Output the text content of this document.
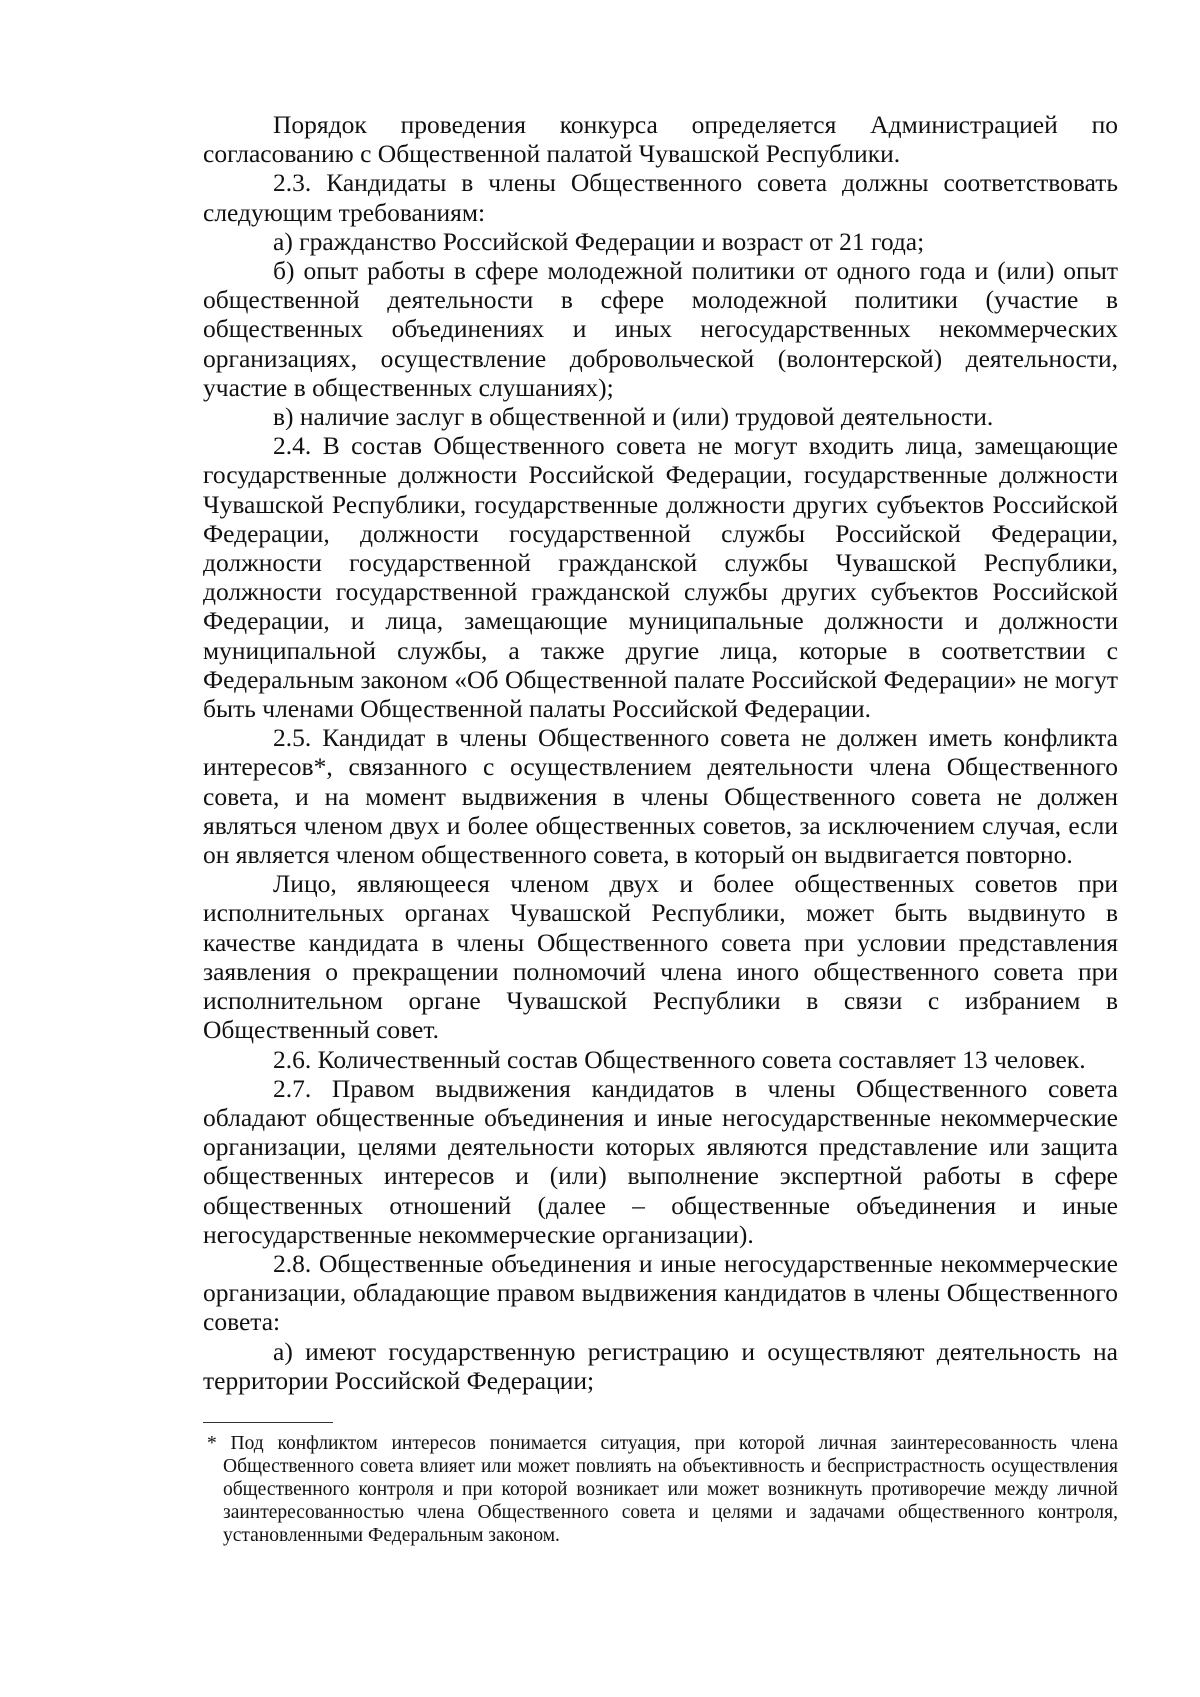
Порядок проведения конкурса определяется Администрацией по согласованию с Общественной палатой Чувашской Республики.

2.3. Кандидаты в члены Общественного совета должны соответствовать следующим требованиям:

а) гражданство Российской Федерации и возраст от 21 года;

б) опыт работы в сфере молодежной политики от одного года и (или) опыт общественной деятельности в сфере молодежной политики (участие в общественных объединениях и иных негосударственных некоммерческих организациях, осуществление добровольческой (волонтерской) деятельности, участие в общественных слушаниях);

в) наличие заслуг в общественной и (или) трудовой деятельности.

2.4. В состав Общественного совета не могут входить лица, замещающие государственные должности Российской Федерации, государственные должности Чувашской Республики, государственные должности других субъектов Российской Федерации, должности государственной службы Российской Федерации, должности государственной гражданской службы Чувашской Республики, должности государственной гражданской службы других субъектов Российской Федерации, и лица, замещающие муниципальные должности и должности муниципальной службы, а также другие лица, которые в соответствии с Федеральным законом «Об Общественной палате Российской Федерации» не могут быть членами Общественной палаты Российской Федерации.

2.5. Кандидат в члены Общественного совета не должен иметь конфликта интересов*, связанного с осуществлением деятельности члена Общественного совета, и на момент выдвижения в члены Общественного совета не должен являться членом двух и более общественных советов, за исключением случая, если он является членом общественного совета, в который он выдвигается повторно.

Лицо, являющееся членом двух и более общественных советов при исполнительных органах Чувашской Республики, может быть выдвинуто в качестве кандидата в члены Общественного совета при условии представления заявления о прекращении полномочий члена иного общественного совета при исполнительном органе Чувашской Республики в связи с избранием в Общественный совет.

2.6. Количественный состав Общественного совета составляет 13 человек.

2.7. Правом выдвижения кандидатов в члены Общественного совета обладают общественные объединения и иные негосударственные некоммерческие организации, целями деятельности которых являются представление или защита общественных интересов и (или) выполнение экспертной работы в сфере общественных отношений (далее – общественные объединения и иные негосударственные некоммерческие организации).

2.8. Общественные объединения и иные негосударственные некоммерческие организации, обладающие правом выдвижения кандидатов в члены Общественного совета:

а) имеют государственную регистрацию и осуществляют деятельность на территории Российской Федерации;

* Под конфликтом интересов понимается ситуация, при которой личная заинтересованность члена Общественного совета влияет или может повлиять на объективность и беспристрастность осуществления общественного контроля и при которой возникает или может возникнуть противоречие между личной заинтересованностью члена Общественного совета и целями и задачами общественного контроля, установленными Федеральным законом.
